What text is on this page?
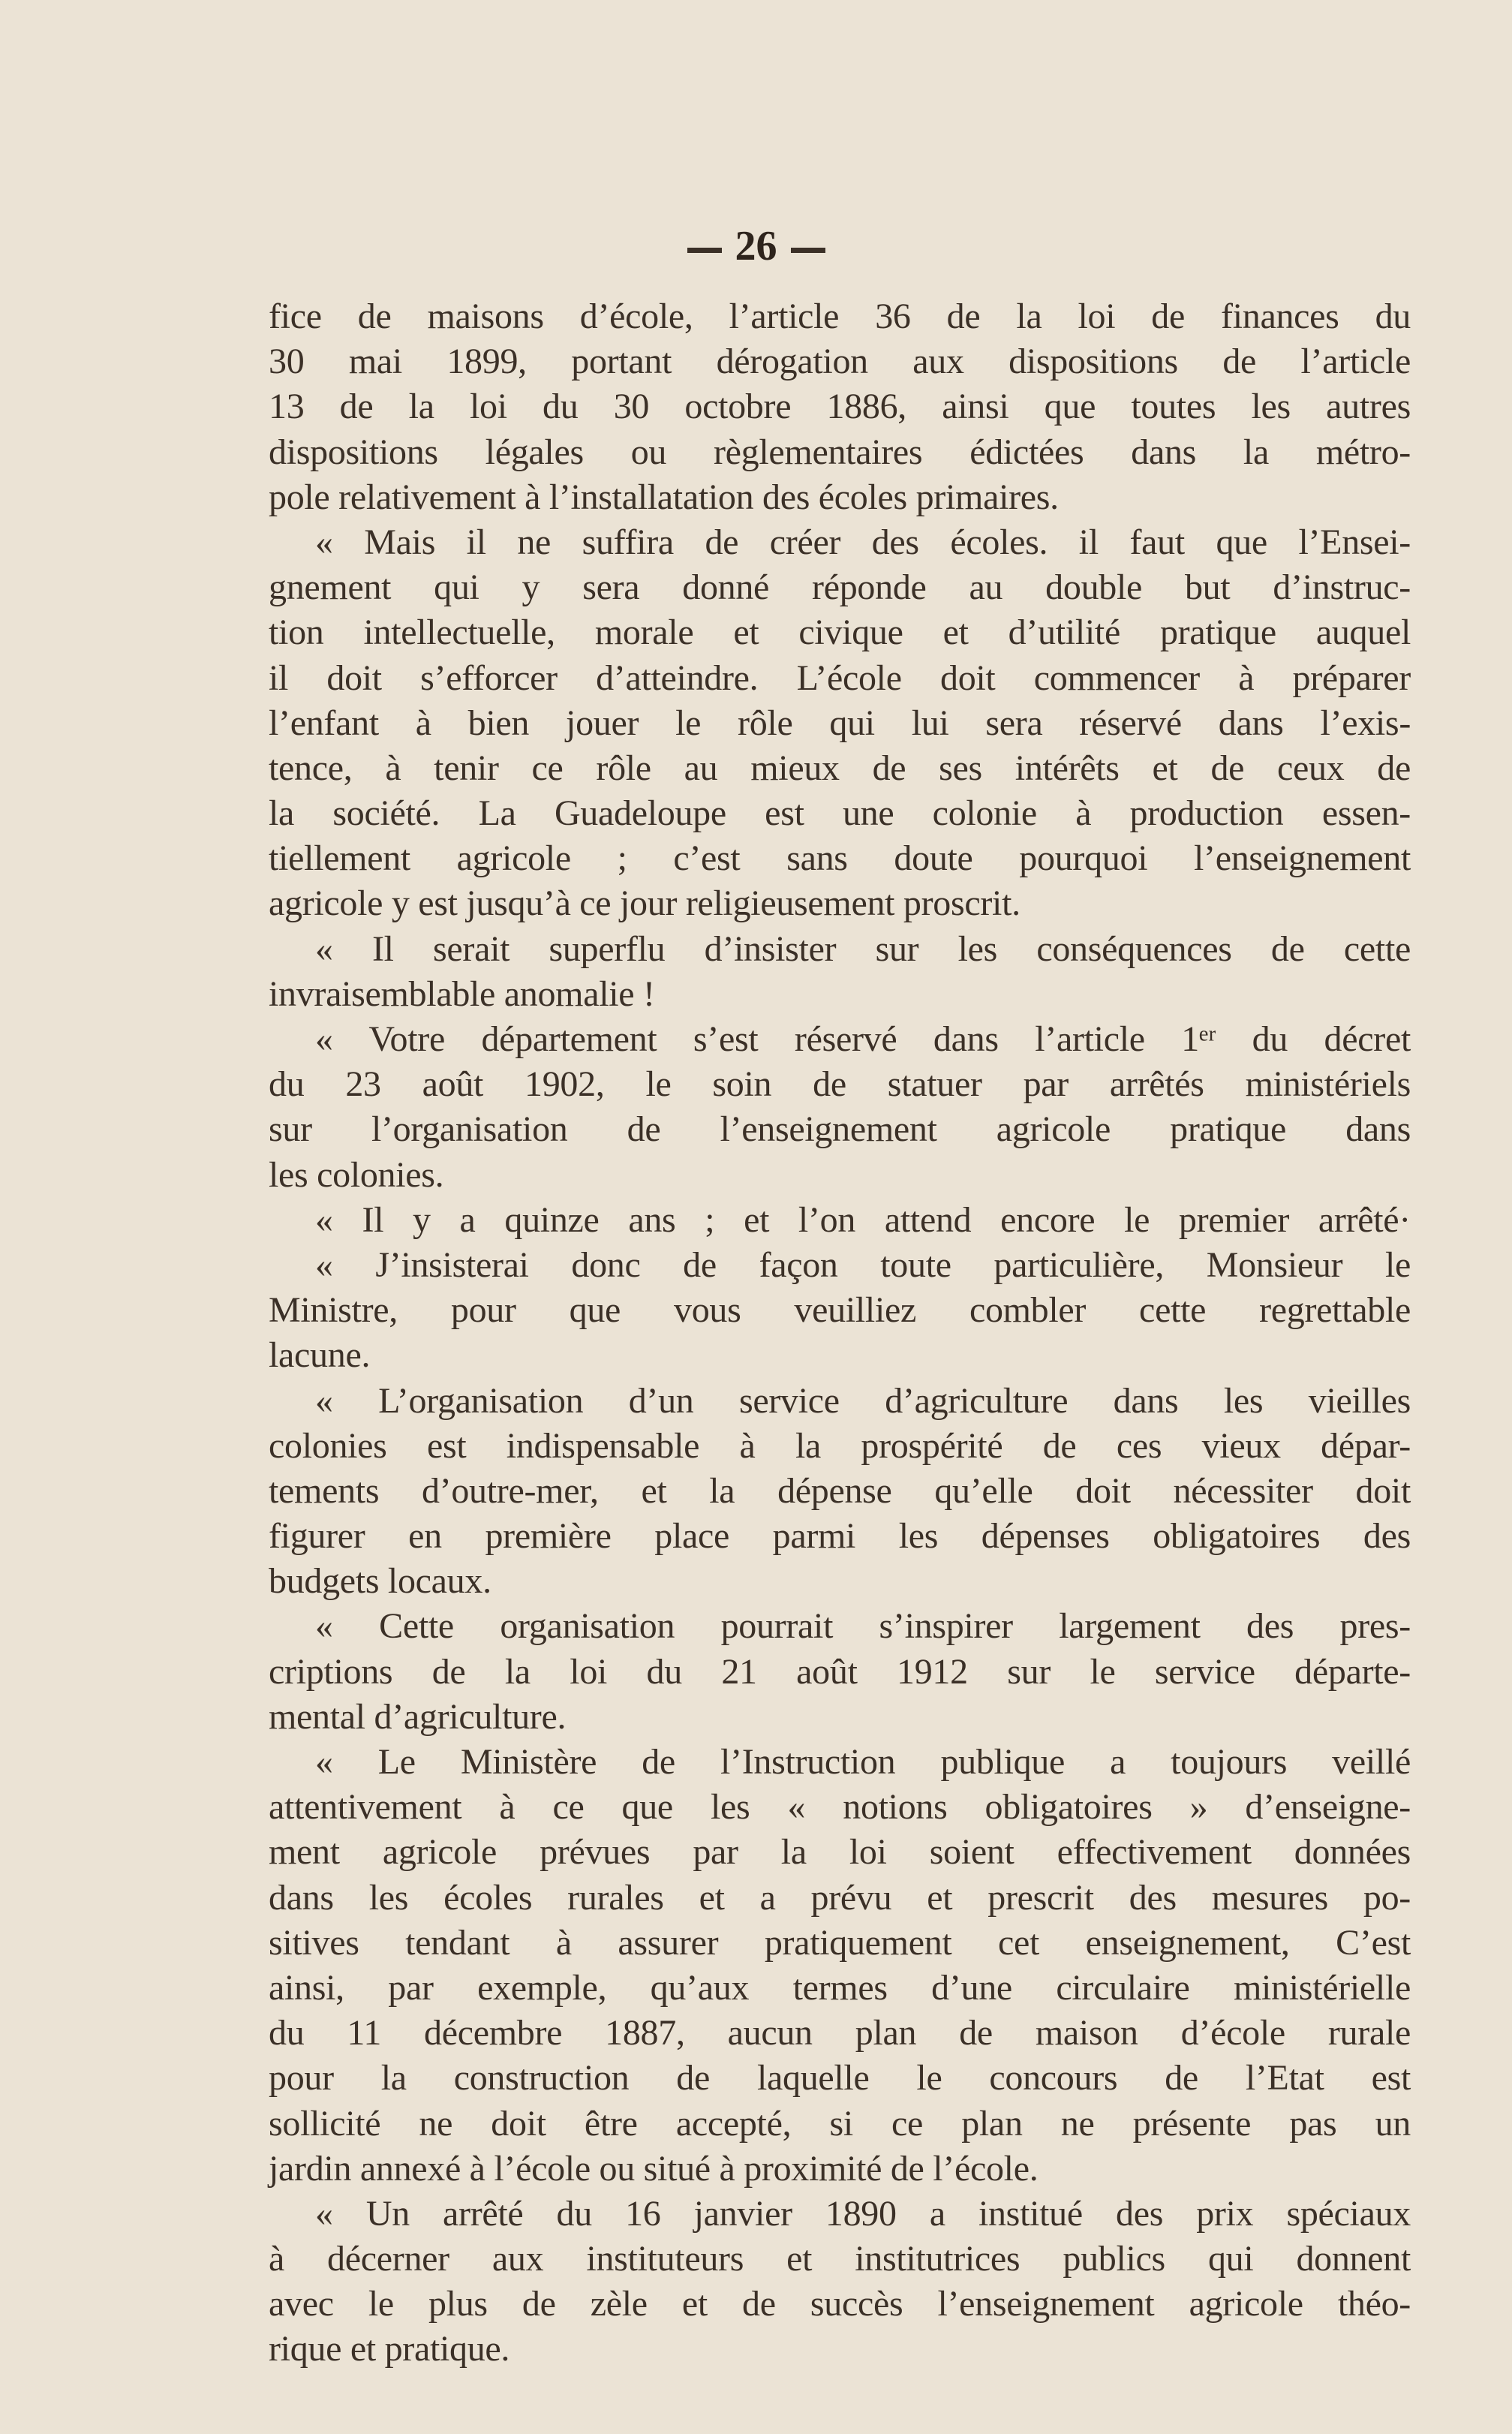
26
fice de maisons d’école, l’article 36 de la loi de finances du
30 mai 1899, portant dérogation aux dispositions de l’article
13 de la loi du 30 octobre 1886, ainsi que toutes les autres
dispositions légales ou règlementaires édictées dans la métro-
pole relativement à l’installatation des écoles primaires.
« Mais il ne suffira de créer des écoles. il faut que l’Ensei-
gnement qui y sera donné réponde au double but d’instruc-
tion intellectuelle, morale et civique et d’utilité pratique auquel
il doit s’efforcer d’atteindre. L’école doit commencer à préparer
l’enfant à bien jouer le rôle qui lui sera réservé dans l’exis-
tence, à tenir ce rôle au mieux de ses intérêts et de ceux de
la société. La Guadeloupe est une colonie à production essen-
tiellement agricole ; c’est sans doute pourquoi l’enseignement
agricole y est jusqu’à ce jour religieusement proscrit.
« Il serait superflu d’insister sur les conséquences de cette
invraisemblable anomalie !
« Votre département s’est réservé dans l’article 1ᵉʳ du décret
du 23 août 1902, le soin de statuer par arrêtés ministériels
sur l’organisation de l’enseignement agricole pratique dans
les colonies.
« Il y a quinze ans ; et l’on attend encore le premier arrêté·
« J’insisterai donc de façon toute particulière, Monsieur le
Ministre, pour que vous veuilliez combler cette regrettable
lacune.
« L’organisation d’un service d’agriculture dans les vieilles
colonies est indispensable à la prospérité de ces vieux dépar-
tements d’outre-mer, et la dépense qu’elle doit nécessiter doit
figurer en première place parmi les dépenses obligatoires des
budgets locaux.
« Cette organisation pourrait s’inspirer largement des pres-
criptions de la loi du 21 août 1912 sur le service départe-
mental d’agriculture.
« Le Ministère de l’Instruction publique a toujours veillé
attentivement à ce que les « notions obligatoires » d’enseigne-
ment agricole prévues par la loi soient effectivement données
dans les écoles rurales et a prévu et prescrit des mesures po-
sitives tendant à assurer pratiquement cet enseignement, C’est
ainsi, par exemple, qu’aux termes d’une circulaire ministérielle
du 11 décembre 1887, aucun plan de maison d’école rurale
pour la construction de laquelle le concours de l’Etat est
sollicité ne doit être accepté, si ce plan ne présente pas un
jardin annexé à l’école ou situé à proximité de l’école.
« Un arrêté du 16 janvier 1890 a institué des prix spéciaux
à décerner aux instituteurs et institutrices publics qui donnent
avec le plus de zèle et de succès l’enseignement agricole théo-
rique et pratique.
